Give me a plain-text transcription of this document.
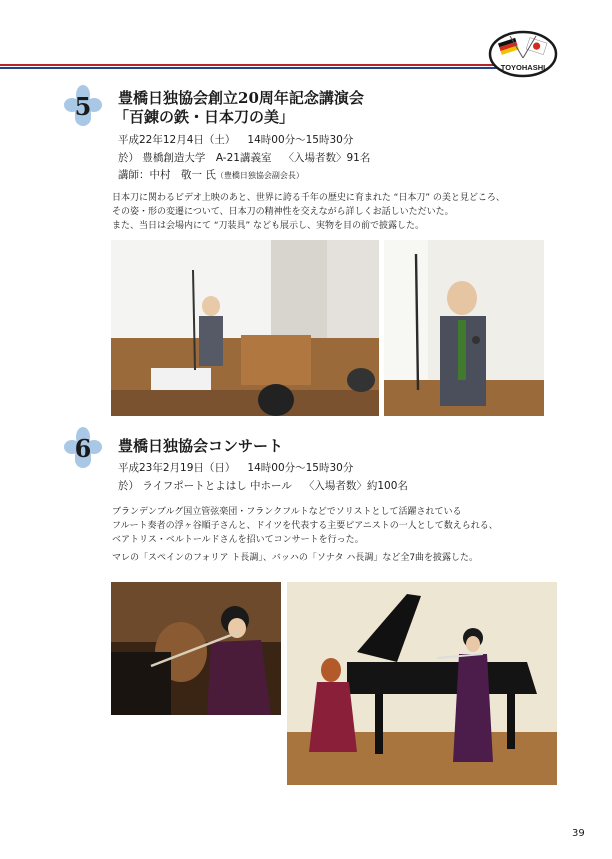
TOYOHASHI
5	豊橋日独協会創立20周年記念講演会
「百錬の鉄・日本刀の美」
平成22年12月4日（土） 14時00分～15時30分
於） 豊橋創造大学　A-21講義室 〈入場者数〉91名
講師：中村　敬一 氏（豊橋日独協会副会長）
日本刀に関わるビデオ上映のあと、世界に誇る千年の歴史に育まれた “日本刀” の美と見どころ、
その姿・形の変遷について、日本刀の精神性を交えながら詳しくお話しいただいた。
また、当日は会場内にて “刀装具” なども展示し、実物を目の前で披露した。
6	豊橋日独協会コンサート
平成23年2月19日（日） 14時00分～15時30分
於） ライフポートとよはし 中ホール 〈入場者数〉約100名
ブランデンブルグ国立管弦楽団・フランクフルトなどでソリストとして活躍されている
フルート奏者の浮ヶ谷順子さんと、ドイツを代表する主要ピアニストの一人として数えられる、
ベアトリス・ベルトールドさんを招いてコンサートを行った。
マレの「スペインのフォリア ト長調」、バッハの「ソナタ ハ長調」など全7曲を披露した。
39
